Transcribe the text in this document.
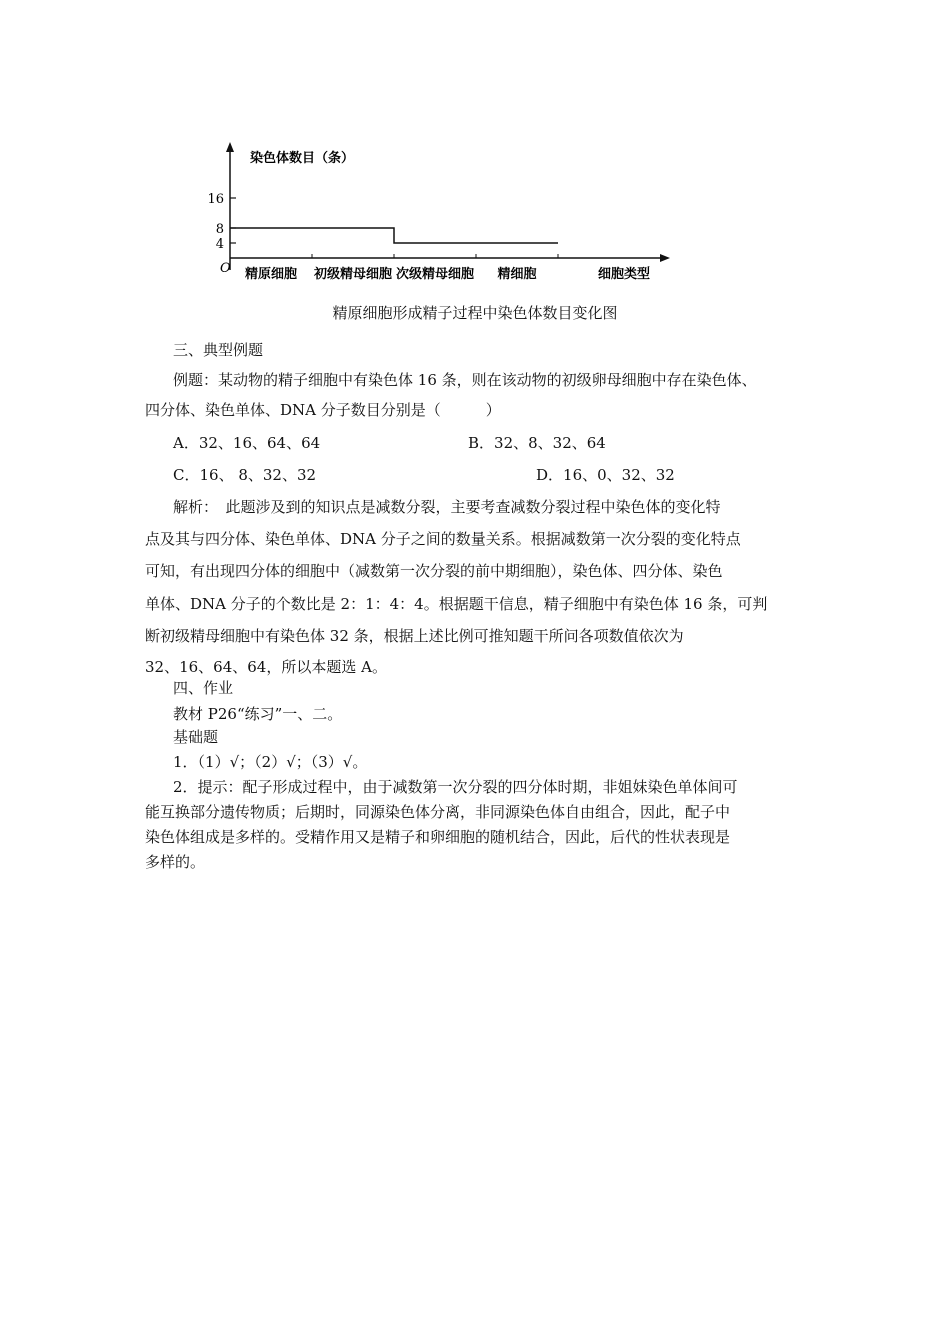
染色体数目（条）
O
16
8
4
精原细胞 初级精母细胞 次级精母细胞 精细胞	细胞类型
精原细胞形成精子过程中染色体数目变化图
三、典型例题
例题：某动物的精子细胞中有染色体 16 条，则在该动物的初级卵母细胞中存在染色体、
四分体、染色单体、DNA 分子数目分别是（　　　）
A．32、16、64、64	B．32、8、32、64
C．16、 8、32、32	D．16、0、32、32
解析：　此题涉及到的知识点是减数分裂，主要考查减数分裂过程中染色体的变化特
点及其与四分体、染色单体、DNA 分子之间的数量关系。根据减数第一次分裂的变化特点
可知，有出现四分体的细胞中（减数第一次分裂的前中期细胞），染色体、四分体、染色
单体、DNA 分子的个数比是 2：1：4：4。根据题干信息，精子细胞中有染色体 16 条，可判
断初级精母细胞中有染色体 32 条，根据上述比例可推知题干所问各项数值依次为
32、16、64、64，所以本题选 A。
四、作业
教材 P26“练习”一、二。
基础题
1．（1）√；（2）√；（3）√。
2．提示：配子形成过程中，由于减数第一次分裂的四分体时期，非姐妹染色单体间可
能互换部分遗传物质；后期时，同源染色体分离，非同源染色体自由组合，因此，配子中
染色体组成是多样的。受精作用又是精子和卵细胞的随机结合，因此，后代的性状表现是
多样的。
